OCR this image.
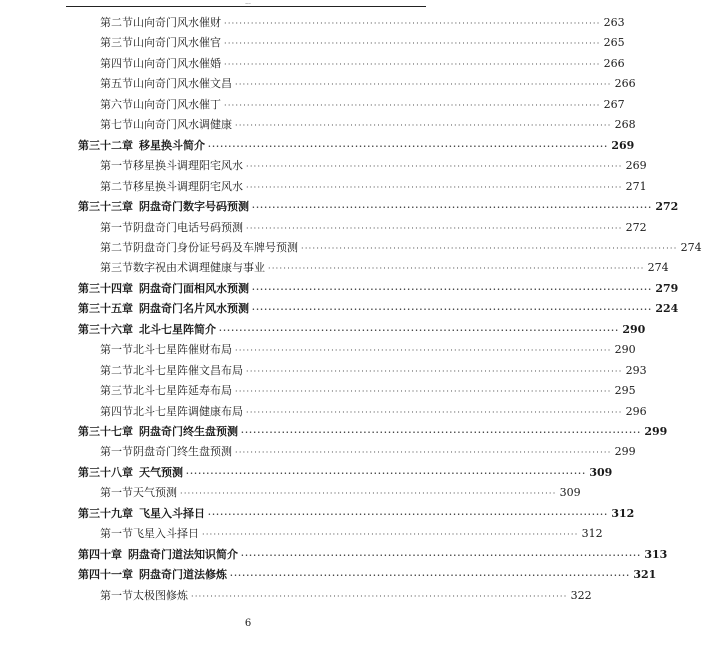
...
第二节 山向奇门风水催财 ·································································································· 263
第三节 山向奇门风水催官 ·································································································· 265
第四节 山向奇门风水催婚 ·································································································· 266
第五节 山向奇门风水催文昌 ·································································································· 266
第六节 山向奇门风水催丁 ·································································································· 267
第七节 山向奇门风水调健康 ·································································································· 268
第三十二章 移星换斗简介 ·································································································· 269
第一节 移星换斗调理阳宅风水 ·································································································· 269
第二节 移星换斗调理阴宅风水 ·································································································· 271
第三十三章 阴盘奇门数字号码预测 ·································································································· 272
第一节 阴盘奇门电话号码预测 ·································································································· 272
第二节 阴盘奇门身份证号码及车牌号预测 ·································································································· 274
第三节 数字祝由术调理健康与事业 ·································································································· 274
第三十四章 阴盘奇门面相风水预测 ·································································································· 279
第三十五章 阴盘奇门名片风水预测 ·································································································· 224
第三十六章 北斗七星阵简介 ·································································································· 290
第一节 北斗七星阵催财布局 ·································································································· 290
第二节 北斗七星阵催文昌布局 ·································································································· 293
第三节 北斗七星阵延寿布局 ·································································································· 295
第四节 北斗七星阵调健康布局 ·································································································· 296
第三十七章 阴盘奇门终生盘预测 ·································································································· 299
第一节 阴盘奇门终生盘预测 ·································································································· 299
第三十八章 天气预测 ·································································································· 309
第一节 天气预测 ·································································································· 309
第三十九章 飞星入斗择日 ·································································································· 312
第一节 飞星入斗择日 ·································································································· 312
第四十章 阴盘奇门道法知识简介 ·································································································· 313
第四十一章 阴盘奇门道法修炼 ·································································································· 321
第一节 太极图修炼 ·································································································· 322
6
